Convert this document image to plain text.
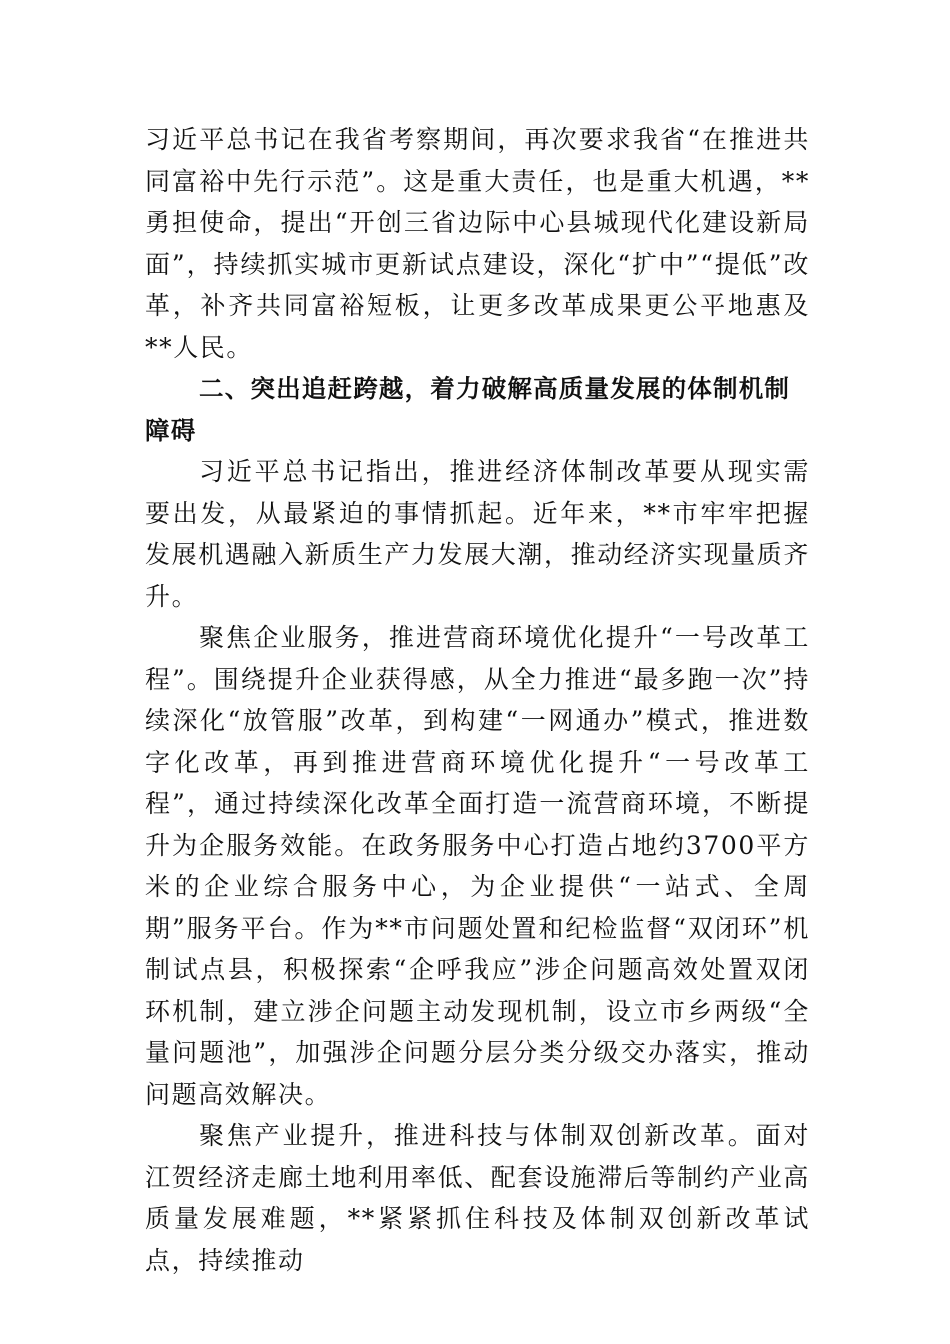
习近平总书记在我省考察期间，再次要求我省“在推进共同富裕中先行示范”。这是重大责任，也是重大机遇，**勇担使命，提出“开创三省边际中心县城现代化建设新局面”，持续抓实城市更新试点建设，深化“扩中”“提低”改革，补齐共同富裕短板，让更多改革成果更公平地惠及**人民。

二、突出追赶跨越，着力破解高质量发展的体制机制障碍

习近平总书记指出，推进经济体制改革要从现实需要出发，从最紧迫的事情抓起。近年来，**市牢牢把握发展机遇融入新质生产力发展大潮，推动经济实现量质齐升。

聚焦企业服务，推进营商环境优化提升“一号改革工程”。围绕提升企业获得感，从全力推进“最多跑一次”持续深化“放管服”改革，到构建“一网通办”模式，推进数字化改革，再到推进营商环境优化提升“一号改革工程”，通过持续深化改革全面打造一流营商环境，不断提升为企服务效能。在政务服务中心打造占地约3700平方米的企业综合服务中心，为企业提供“一站式、全周期”服务平台。作为**市问题处置和纪检监督“双闭环”机制试点县，积极探索“企呼我应”涉企问题高效处置双闭环机制，建立涉企问题主动发现机制，设立市乡两级“全量问题池”，加强涉企问题分层分类分级交办落实，推动问题高效解决。

聚焦产业提升，推进科技与体制双创新改革。面对江贺经济走廊土地利用率低、配套设施滞后等制约产业高质量发展难题，**紧紧抓住科技及体制双创新改革试点，持续推动
